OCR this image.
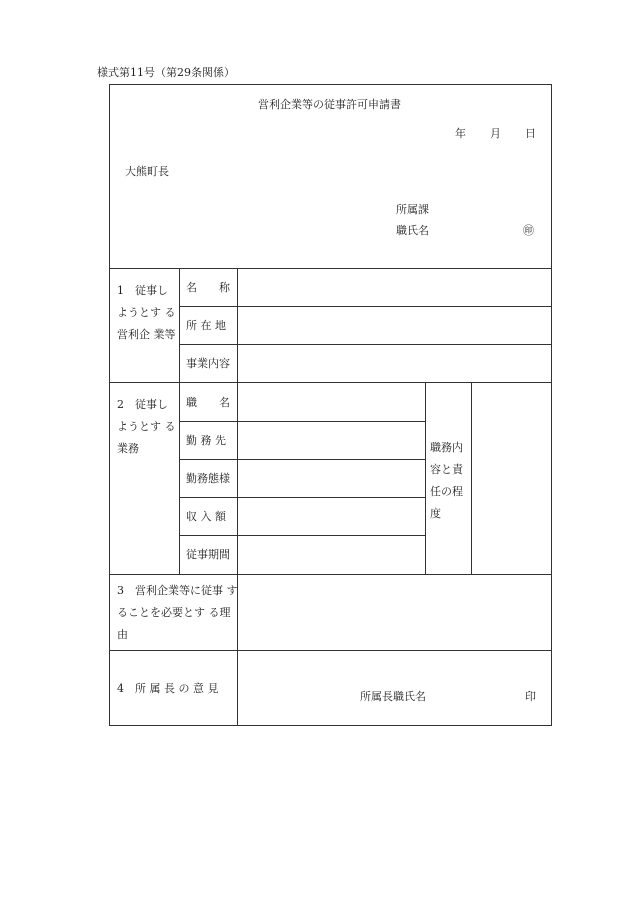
様式第11号（第29条関係）
営利企業等の従事許可申請書
年 月 日
大熊町長
所属課
職氏名	㊞
1　従事し ようとす る営利企 業等
名　　称
所 在 地
事業内容
2　従事し ようとす る業務
職　　名
勤 務 先
勤務態様
収 入 額
従事期間
職務内 容と責 任の程 度
3　営利企業等に従事 することを必要とす る理由
4　所 属 長 の 意 見
所属長職氏名	印
